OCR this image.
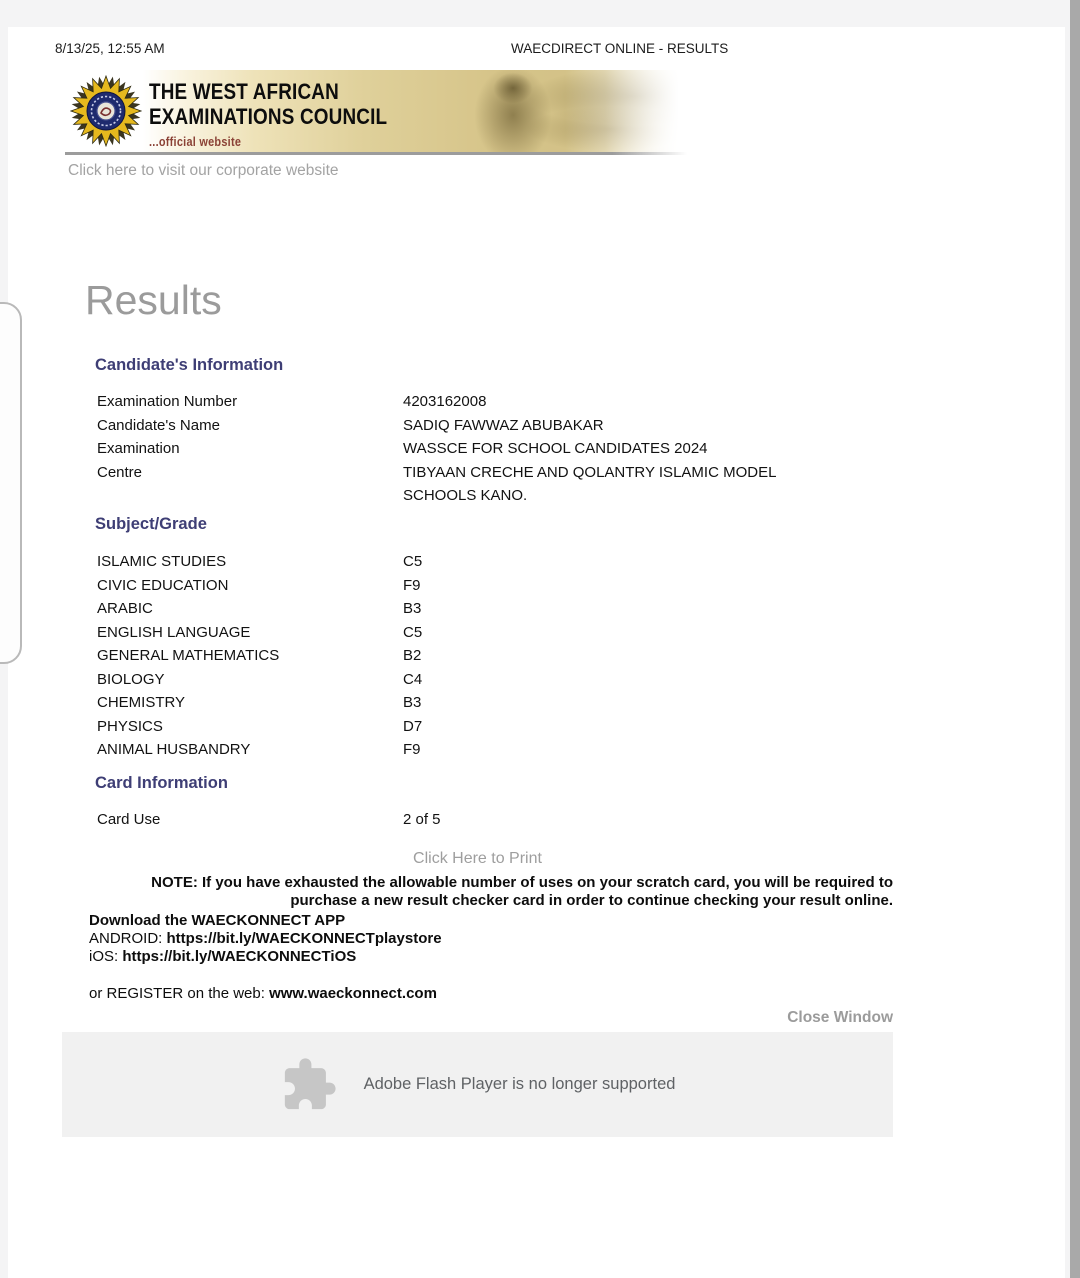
8/13/25, 12:55 AM	WAECDIRECT ONLINE - RESULTS
THE WEST AFRICAN
EXAMINATIONS COUNCIL
...official website
Click here to visit our corporate website
Results
Candidate's Information
Examination Number	4203162008
Candidate's Name	SADIQ FAWWAZ ABUBAKAR
Examination	WASSCE FOR SCHOOL CANDIDATES 2024
Centre	TIBYAAN CRECHE AND QOLANTRY ISLAMIC MODEL SCHOOLS KANO.
Subject/Grade
ISLAMIC STUDIES	C5
CIVIC EDUCATION	F9
ARABIC	B3
ENGLISH LANGUAGE	C5
GENERAL MATHEMATICS	B2
BIOLOGY	C4
CHEMISTRY	B3
PHYSICS	D7
ANIMAL HUSBANDRY	F9
Card Information
Card Use	2 of 5
Click Here to Print
NOTE: If you have exhausted the allowable number of uses on your scratch card, you will be required to
purchase a new result checker card in order to continue checking your result online.
Download the WAECKONNECT APP
ANDROID: https://bit.ly/WAECKONNECTplaystore
iOS: https://bit.ly/WAECKONNECTiOS
or REGISTER on the web: www.waeckonnect.com
Close Window
Adobe Flash Player is no longer supported
